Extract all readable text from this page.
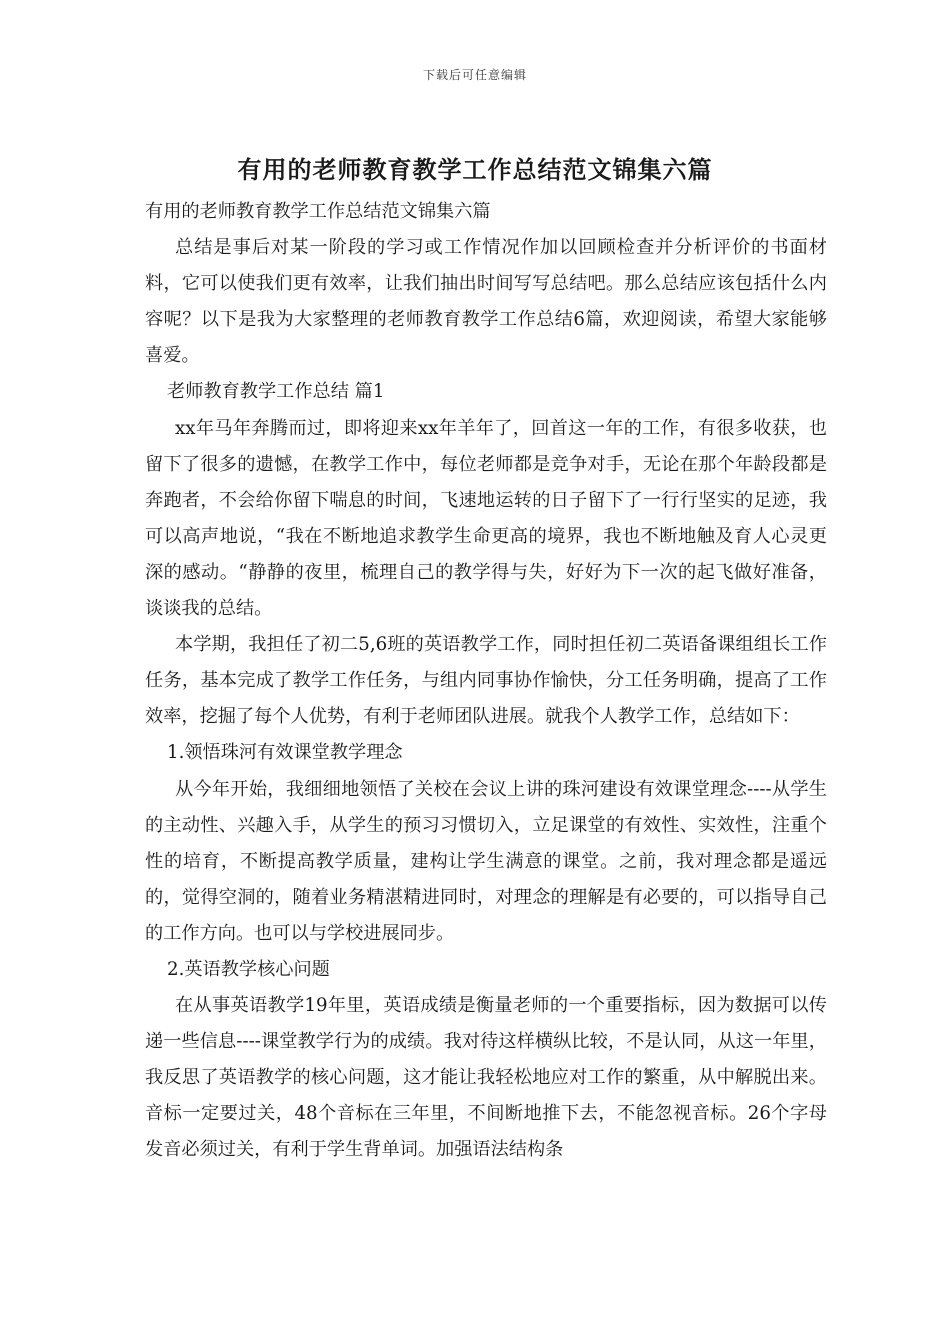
下载后可任意编辑
有用的老师教育教学工作总结范文锦集六篇

有用的老师教育教学工作总结范文锦集六篇

总结是事后对某一阶段的学习或工作情况作加以回顾检查并分析评价的书面材料，它可以使我们更有效率，让我们抽出时间写写总结吧。那么总结应该包括什么内容呢？以下是我为大家整理的老师教育教学工作总结6篇，欢迎阅读，希望大家能够喜爱。

老师教育教学工作总结 篇1

xx年马年奔腾而过，即将迎来xx年羊年了，回首这一年的工作，有很多收获，也留下了很多的遗憾，在教学工作中，每位老师都是竞争对手，无论在那个年龄段都是奔跑者，不会给你留下喘息的时间，飞速地运转的日子留下了一行行坚实的足迹，我可以高声地说，“我在不断地追求教学生命更高的境界，我也不断地触及育人心灵更深的感动。“静静的夜里，梳理自己的教学得与失，好好为下一次的起飞做好准备，谈谈我的总结。

本学期，我担任了初二5,6班的英语教学工作，同时担任初二英语备课组组长工作任务，基本完成了教学工作任务，与组内同事协作愉快，分工任务明确，提高了工作效率，挖掘了每个人优势，有利于老师团队进展。就我个人教学工作，总结如下：

1.领悟珠河有效课堂教学理念

从今年开始，我细细地领悟了关校在会议上讲的珠河建设有效课堂理念----从学生的主动性、兴趣入手，从学生的预习习惯切入，立足课堂的有效性、实效性，注重个性的培育，不断提高教学质量，建构让学生满意的课堂。之前，我对理念都是遥远的，觉得空洞的，随着业务精湛精进同时，对理念的理解是有必要的，可以指导自己的工作方向。也可以与学校进展同步。

2.英语教学核心问题

在从事英语教学19年里，英语成绩是衡量老师的一个重要指标，因为数据可以传递一些信息----课堂教学行为的成绩。我对待这样横纵比较，不是认同，从这一年里，我反思了英语教学的核心问题，这才能让我轻松地应对工作的繁重，从中解脱出来。音标一定要过关，48个音标在三年里，不间断地推下去，不能忽视音标。26个字母发音必须过关，有利于学生背单词。加强语法结构条
